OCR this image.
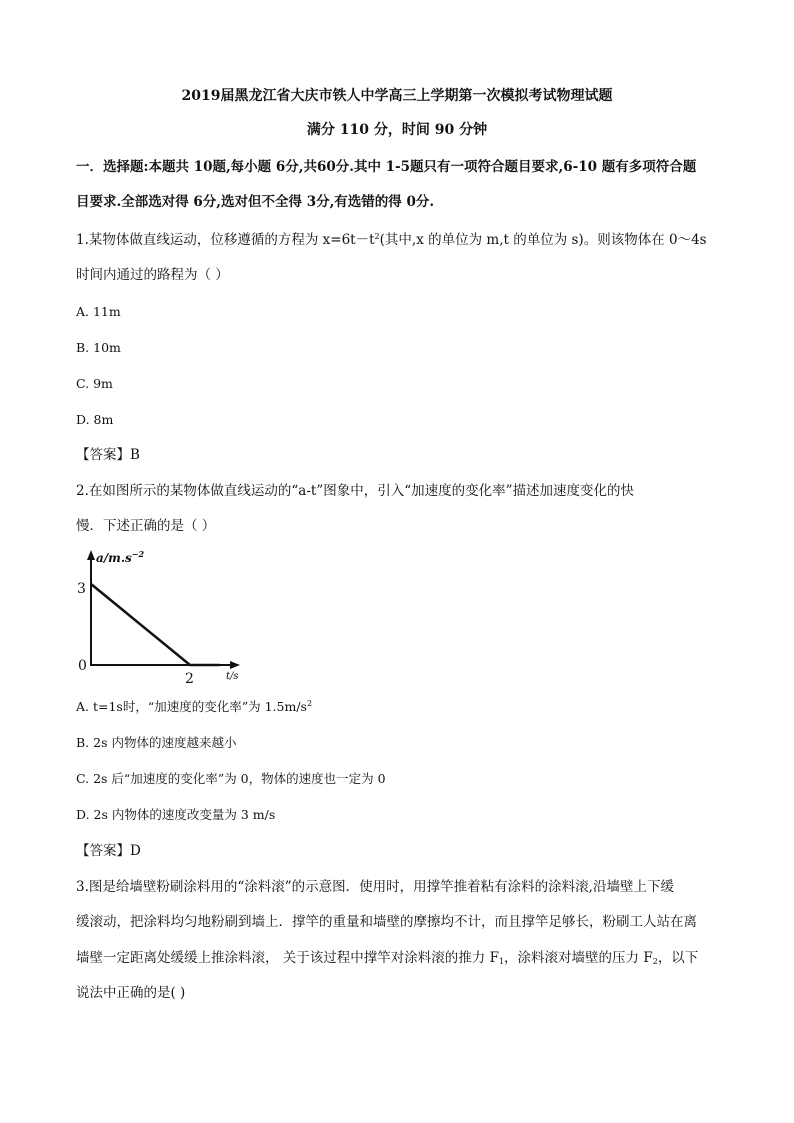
2019届黑龙江省大庆市铁人中学高三上学期第一次模拟考试物理试题
满分 110 分，时间 90 分钟
一．选择题:本题共 10题,每小题 6分,共60分.其中 1-5题只有一项符合题目要求,6-10 题有多项符合题
目要求.全部选对得 6分,选对但不全得 3分,有选错的得 0分.
1.某物体做直线运动，位移遵循的方程为 $x=6t-t^2$(其中,x 的单位为 m,t 的单位为 s)。则该物体在 0～4s
时间内通过的路程为（ ）
A. 11m
B. 10m
C. 9m
D. 8m
【答案】B
2.在如图所示的某物体做直线运动的“a-t”图象中，引入“加速度的变化率”描述加速度变化的快
慢．下述正确的是（ ）
$a/m.s^{-2}$
3
0
2	t/s
A. t=1s时，“加速度的变化率”为 $1.5m/s^2$
B. 2s 内物体的速度越来越小
C. 2s 后“加速度的变化率”为 0，物体的速度也一定为 0
D. 2s 内物体的速度改变量为 3 m/s
【答案】D
3.图是给墙壁粉刷涂料用的“涂料滚”的示意图．使用时，用撑竿推着粘有涂料的涂料滚,沿墙壁上下缓
缓滚动，把涂料均匀地粉刷到墙上．撑竿的重量和墙壁的摩擦均不计，而且撑竿足够长，粉刷工人站在离
墙壁一定距离处缓缓上推涂料滚， 关于该过程中撑竿对涂料滚的推力 $F_1$，涂料滚对墙壁的压力 $F_2$，以下
说法中正确的是( )
